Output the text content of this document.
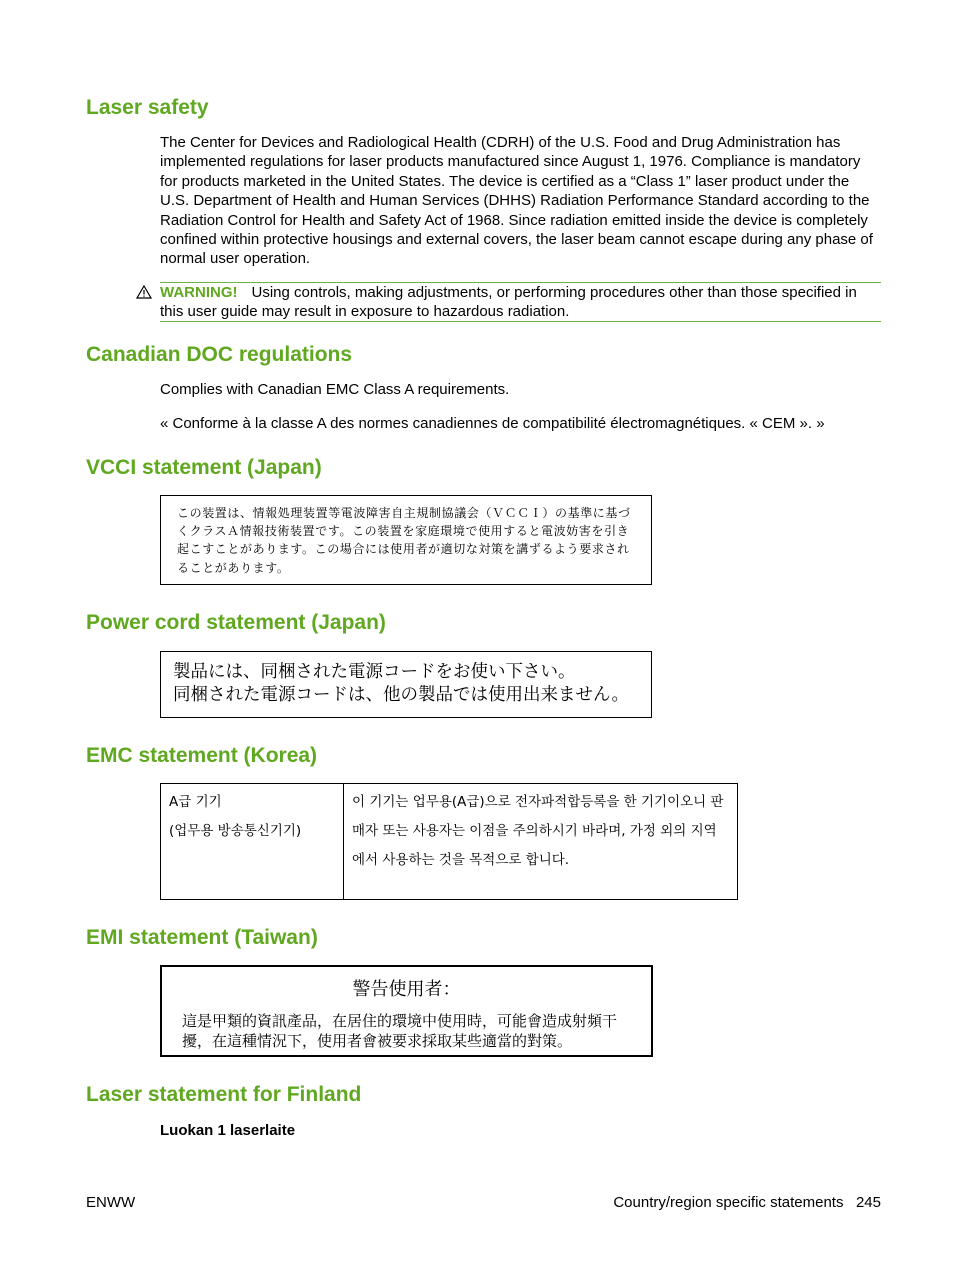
Laser safety

The Center for Devices and Radiological Health (CDRH) of the U.S. Food and Drug Administration has implemented regulations for laser products manufactured since August 1, 1976. Compliance is mandatory for products marketed in the United States. The device is certified as a “Class 1” laser product under the U.S. Department of Health and Human Services (DHHS) Radiation Performance Standard according to the Radiation Control for Health and Safety Act of 1968. Since radiation emitted inside the device is completely confined within protective housings and external covers, the laser beam cannot escape during any phase of normal user operation.

WARNING! Using controls, making adjustments, or performing procedures other than those specified in this user guide may result in exposure to hazardous radiation.
Canadian DOC regulations

Complies with Canadian EMC Class A requirements.

« Conforme à la classe A des normes canadiennes de compatibilité électromagnétiques. « CEM ». »

VCCI statement (Japan)
この装置は、情報処理装置等電波障害自主規制協議会（ＶＣＣＩ）の基準に基づくクラスＡ情報技術装置です。この装置を家庭環境で使用すると電波妨害を引き起こすことがあります。この場合には使用者が適切な対策を講ずるよう要求されることがあります。
Power cord statement (Japan)
製品には、同梱された電源コードをお使い下さい。
同梱された電源コードは、他の製品では使用出来ません。
EMC statement (Korea)
A급 기기
(업무용 방송통신기기)
	이 기기는 업무용(A급)으로 전자파적합등록을 한 기기이오니 판매자 또는 사용자는 이점을 주의하시기 바라며, 가정 외의 지역에서 사용하는 것을 목적으로 합니다.
EMI statement (Taiwan)
警告使用者：
這是甲類的資訊產品，在居住的環境中使用時，可能會造成射頻干擾，在這種情況下，使用者會被要求採取某些適當的對策。
Laser statement for Finland

Luokan 1 laserlaite

ENWW	Country/region specific statements 245
